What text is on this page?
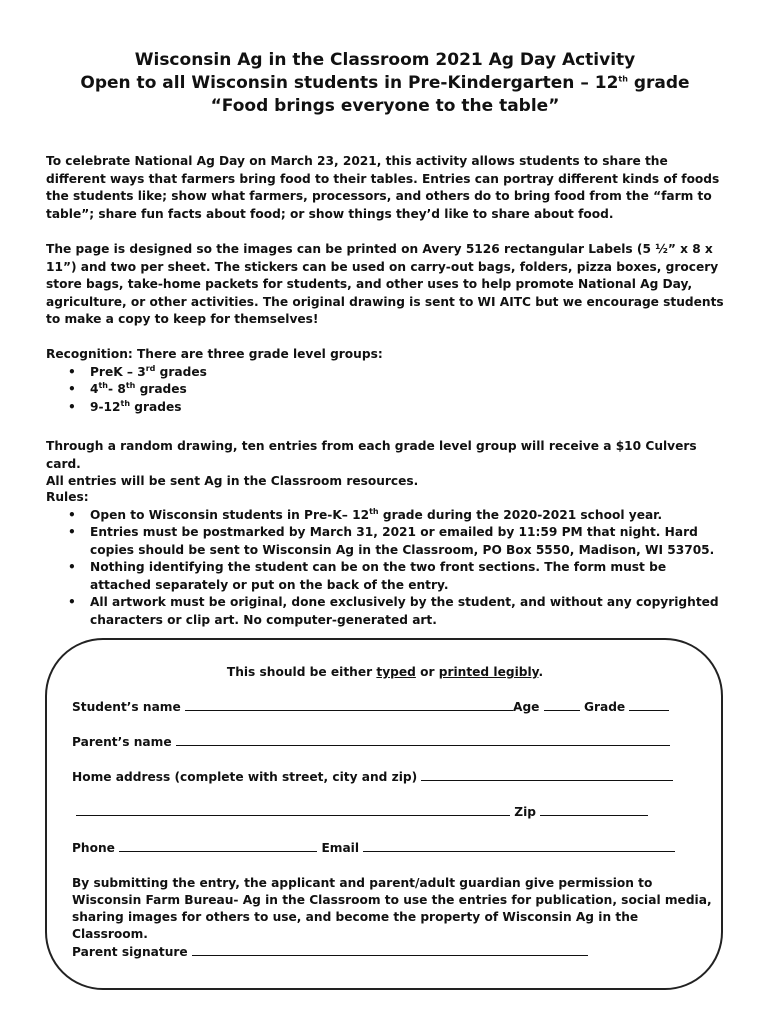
Wisconsin Ag in the Classroom 2021 Ag Day Activity
Open to all Wisconsin students in Pre-Kindergarten – 12th grade
“Food brings everyone to the table”
To celebrate National Ag Day on March 23, 2021, this activity allows students to share the different ways that farmers bring food to their tables. Entries can portray different kinds of foods the students like; show what farmers, processors, and others do to bring food from the “farm to table”; share fun facts about food; or show things they’d like to share about food.
The page is designed so the images can be printed on Avery 5126 rectangular Labels (5 ½” x 8 x 11”) and two per sheet. The stickers can be used on carry-out bags, folders, pizza boxes, grocery store bags, take-home packets for students, and other uses to help promote National Ag Day, agriculture, or other activities. The original drawing is sent to WI AITC but we encourage students to make a copy to keep for themselves!
Recognition: There are three grade level groups:
• PreK – 3rd grades
• 4th- 8th grades
• 9-12th grades
Through a random drawing, ten entries from each grade level group will receive a $10 Culvers card.
All entries will be sent Ag in the Classroom resources.
Rules:
• Open to Wisconsin students in Pre-K– 12th grade during the 2020-2021 school year.
• Entries must be postmarked by March 31, 2021 or emailed by 11:59 PM that night. Hard copies should be sent to Wisconsin Ag in the Classroom, PO Box 5550, Madison, WI 53705.
• Nothing identifying the student can be on the two front sections. The form must be attached separately or put on the back of the entry.
• All artwork must be original, done exclusively by the student, and without any copyrighted characters or clip art. No computer-generated art.
This should be either typed or printed legibly.
Student’s name	Age	Grade
Parent’s name
Home address (complete with street, city and zip)
Zip
Phone	Email
By submitting the entry, the applicant and parent/adult guardian give permission to Wisconsin Farm Bureau- Ag in the Classroom to use the entries for publication, social media, sharing images for others to use, and become the property of Wisconsin Ag in the Classroom.
Parent signature
